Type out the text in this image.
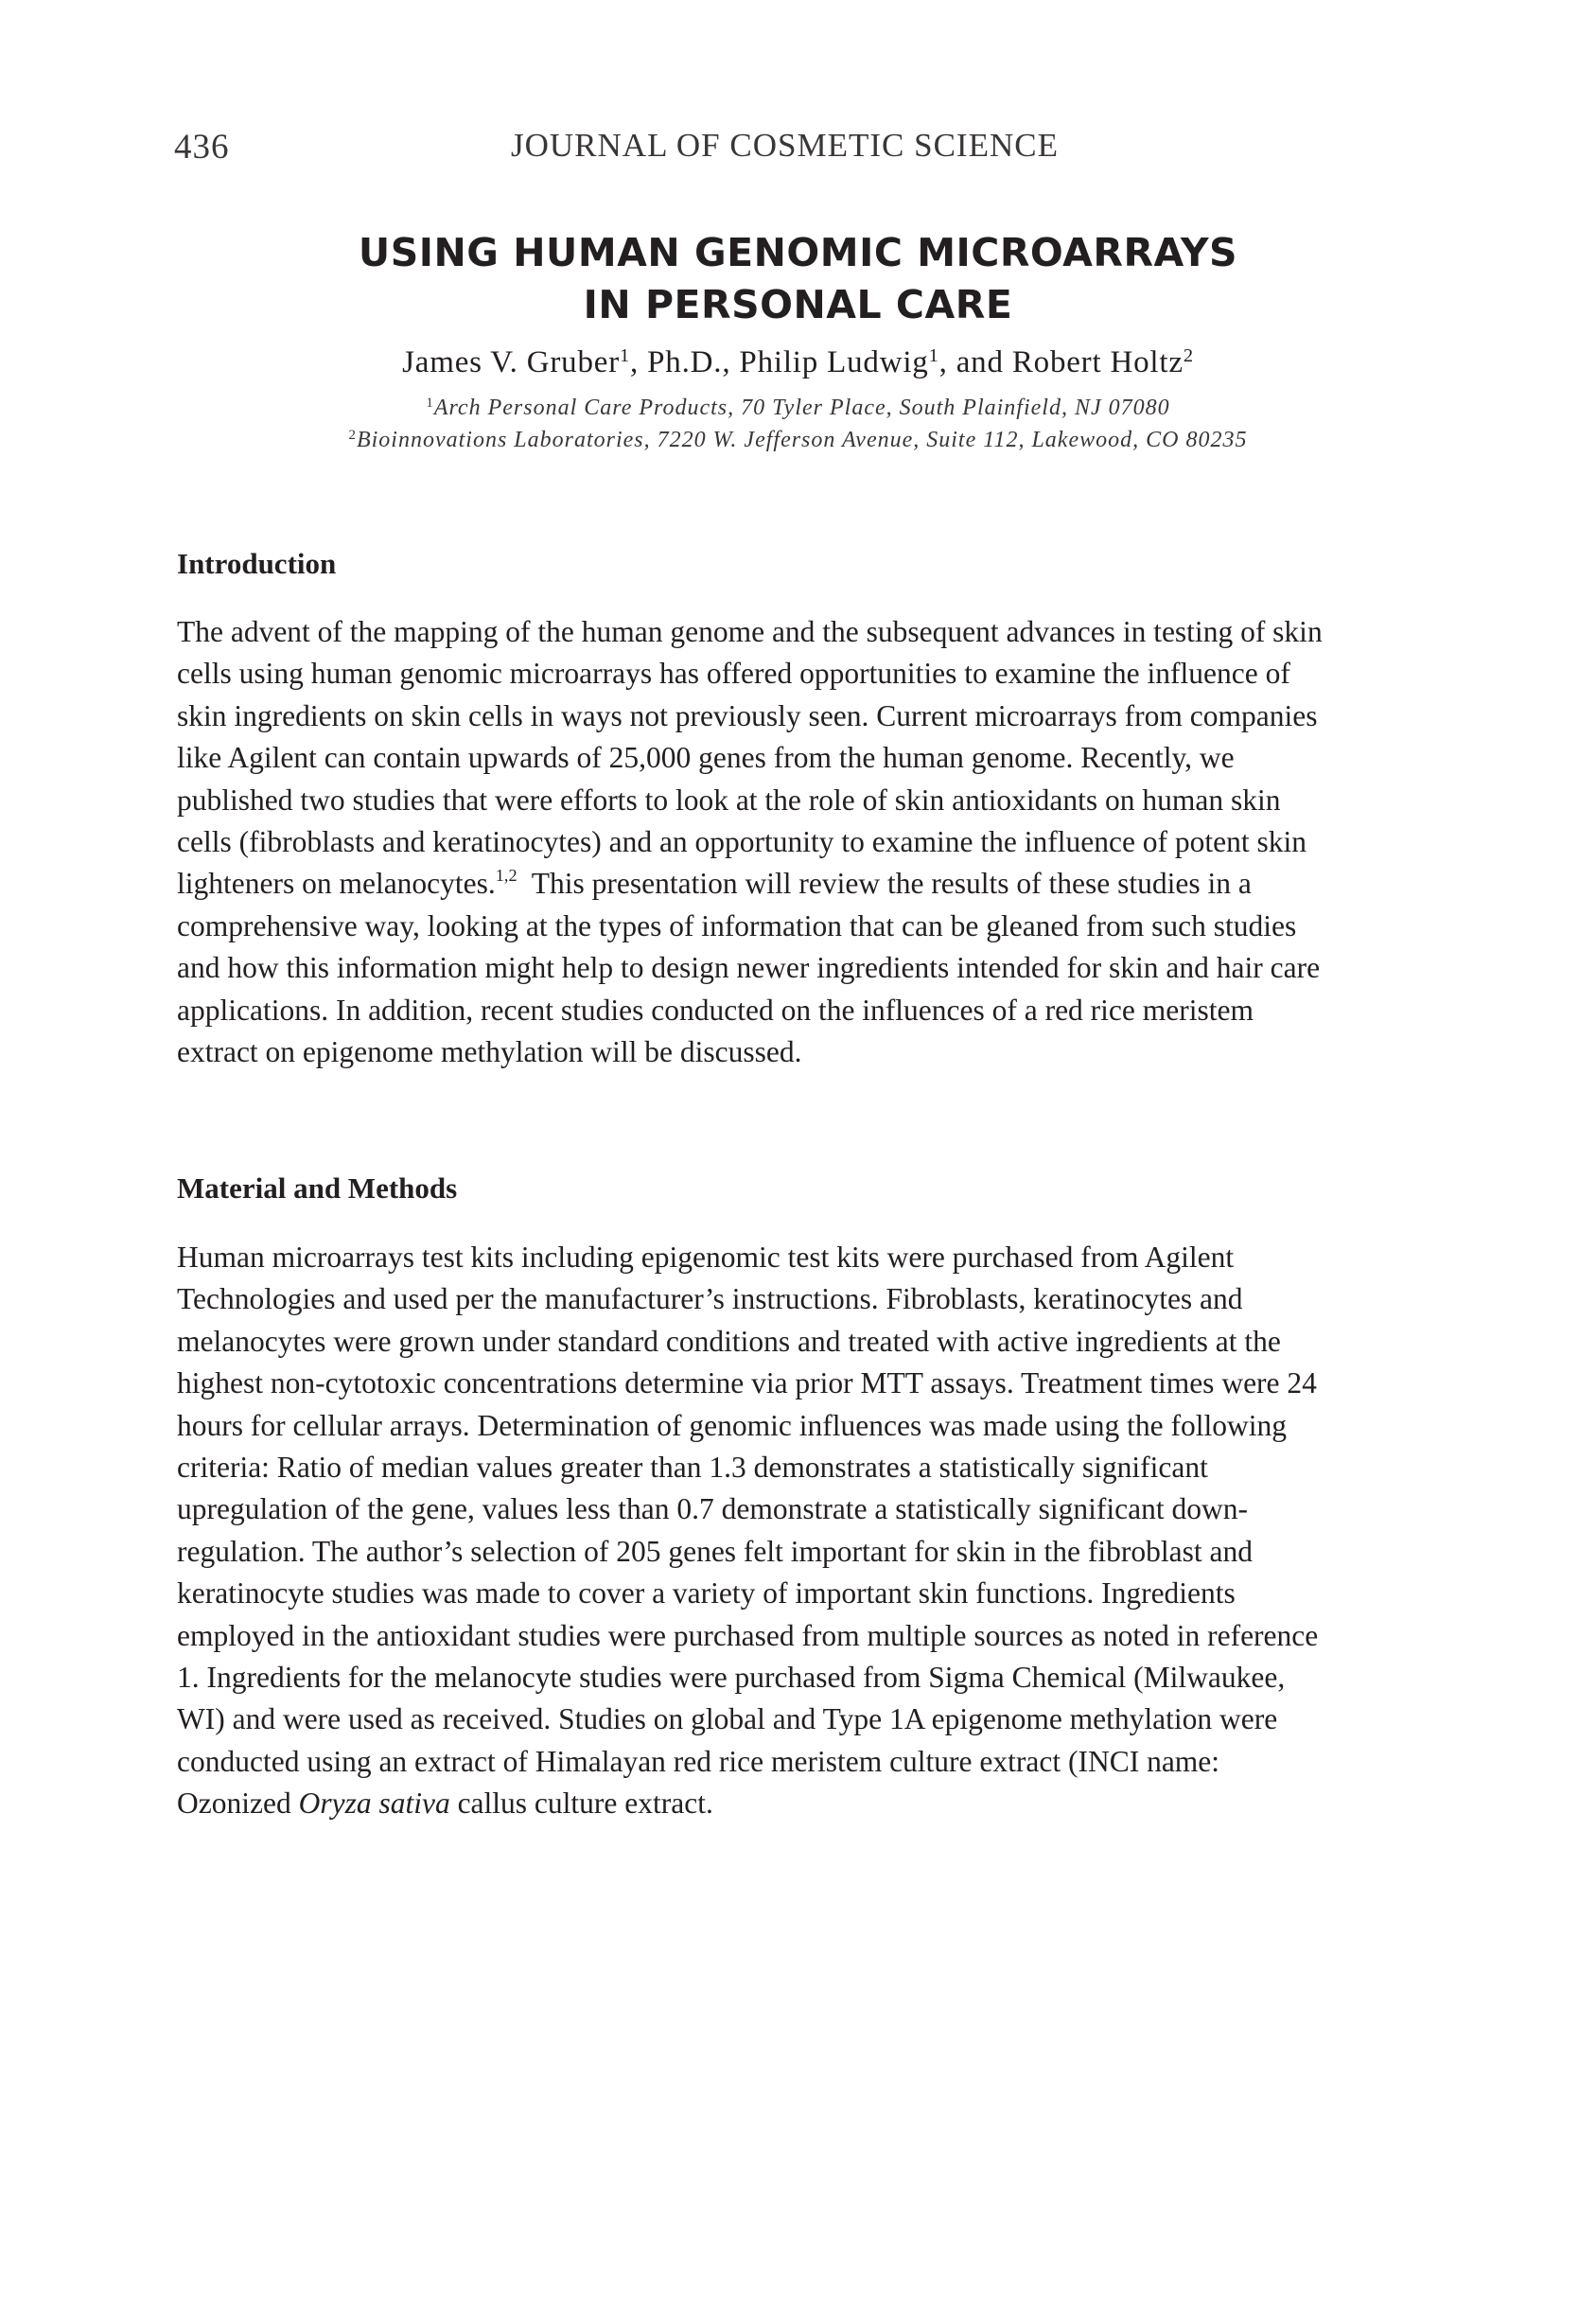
436	JOURNAL OF COSMETIC SCIENCE
USING HUMAN GENOMIC MICROARRAYS
IN PERSONAL CARE
James V. Gruber$^1$, Ph.D., Philip Ludwig$^1$, and Robert Holtz$^2$
$^1$Arch Personal Care Products, 70 Tyler Place, South Plainfield, NJ 07080
$^2$Bioinnovations Laboratories, 7220 W. Jefferson Avenue, Suite 112, Lakewood, CO 80235
Introduction
The advent of the mapping of the human genome and the subsequent advances in testing of skin
cells using human genomic microarrays has offered opportunities to examine the influence of
skin ingredients on skin cells in ways not previously seen. Current microarrays from companies
like Agilent can contain upwards of 25,000 genes from the human genome. Recently, we
published two studies that were efforts to look at the role of skin antioxidants on human skin
cells (fibroblasts and keratinocytes) and an opportunity to examine the influence of potent skin
lighteners on melanocytes.$^{1,2}$  This presentation will review the results of these studies in a
comprehensive way, looking at the types of information that can be gleaned from such studies
and how this information might help to design newer ingredients intended for skin and hair care
applications. In addition, recent studies conducted on the influences of a red rice meristem
extract on epigenome methylation will be discussed.
Material and Methods
Human microarrays test kits including epigenomic test kits were purchased from Agilent
Technologies and used per the manufacturer’s instructions. Fibroblasts, keratinocytes and
melanocytes were grown under standard conditions and treated with active ingredients at the
highest non-cytotoxic concentrations determine via prior MTT assays. Treatment times were 24
hours for cellular arrays. Determination of genomic influences was made using the following
criteria: Ratio of median values greater than 1.3 demonstrates a statistically significant
upregulation of the gene, values less than 0.7 demonstrate a statistically significant down-
regulation. The author’s selection of 205 genes felt important for skin in the fibroblast and
keratinocyte studies was made to cover a variety of important skin functions. Ingredients
employed in the antioxidant studies were purchased from multiple sources as noted in reference
1. Ingredients for the melanocyte studies were purchased from Sigma Chemical (Milwaukee,
WI) and were used as received. Studies on global and Type 1A epigenome methylation were
conducted using an extract of Himalayan red rice meristem culture extract (INCI name:
Ozonized Oryza sativa callus culture extract.
